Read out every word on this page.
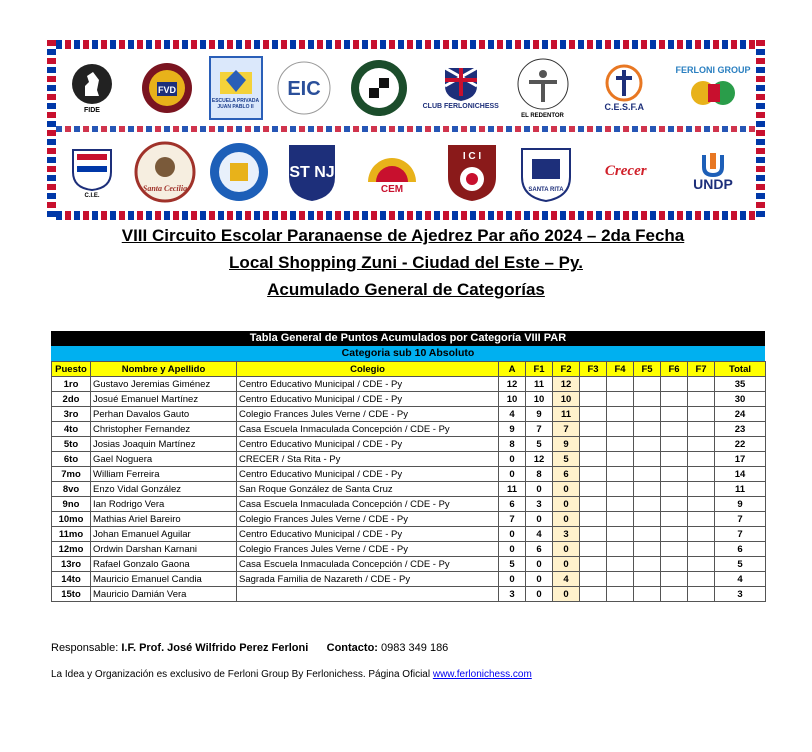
FIDE
FVD
ESCUELA PRIVADA JUAN PABLO II
EIC
CLUB FERLONICHESS
EL REDENTOR
C.E.S.F.A
FERLONI GROUP
C.I.E.
Santa Cecilia
ST NJ
CEM
I C I
SANTA RITA
Crecer
UNDP
VIII Circuito Escolar Paranaense de Ajedrez Par año 2024 – 2da Fecha
Local Shopping Zuni - Ciudad del Este – Py.
Acumulado General de Categorías
Tabla General de Puntos Acumulados por Categoría VIII PAR
Categoria sub 10 Absoluto
Puesto	Nombre y Apellido	Colegio	A	F1	F2	F3	F4	F5	F6	F7	Total
1ro	Gustavo Jeremias Giménez	Centro Educativo Municipal / CDE - Py	12	11	12						35
2do	Josué Emanuel Martínez	Centro Educativo Municipal / CDE - Py	10	10	10						30
3ro	Perhan Davalos Gauto	Colegio Frances Jules Verne / CDE - Py	4	9	11						24
4to	Christopher Fernandez	Casa Escuela Inmaculada Concepción / CDE - Py	9	7	7						23
5to	Josias Joaquin Martínez	Centro Educativo Municipal / CDE - Py	8	5	9						22
6to	Gael Noguera	CRECER / Sta Rita - Py	0	12	5						17
7mo	William Ferreira	Centro Educativo Municipal / CDE - Py	0	8	6						14
8vo	Enzo Vidal González	San Roque González de Santa Cruz	11	0	0						11
9no	Ian Rodrigo Vera	Casa Escuela Inmaculada Concepción / CDE - Py	6	3	0						9
10mo	Mathias Ariel Bareiro	Colegio Frances Jules Verne / CDE - Py	7	0	0						7
11mo	Johan Emanuel Aguilar	Centro Educativo Municipal / CDE - Py	0	4	3						7
12mo	Ordwin Darshan Karnani	Colegio Frances Jules Verne / CDE - Py	0	6	0						6
13ro	Rafael Gonzalo Gaona	Casa Escuela Inmaculada Concepción / CDE - Py	5	0	0						5
14to	Mauricio Emanuel Candia	Sagrada Familia de Nazareth / CDE - Py	0	0	4						4
15to	Mauricio Damián Vera		3	0	0						3
Responsable: I.F. Prof. José Wilfrido Perez Ferloni Contacto: 0983 349 186
La Idea y Organización es exclusivo de Ferloni Group By Ferlonichess. Página Oficial www.ferlonichess.com
